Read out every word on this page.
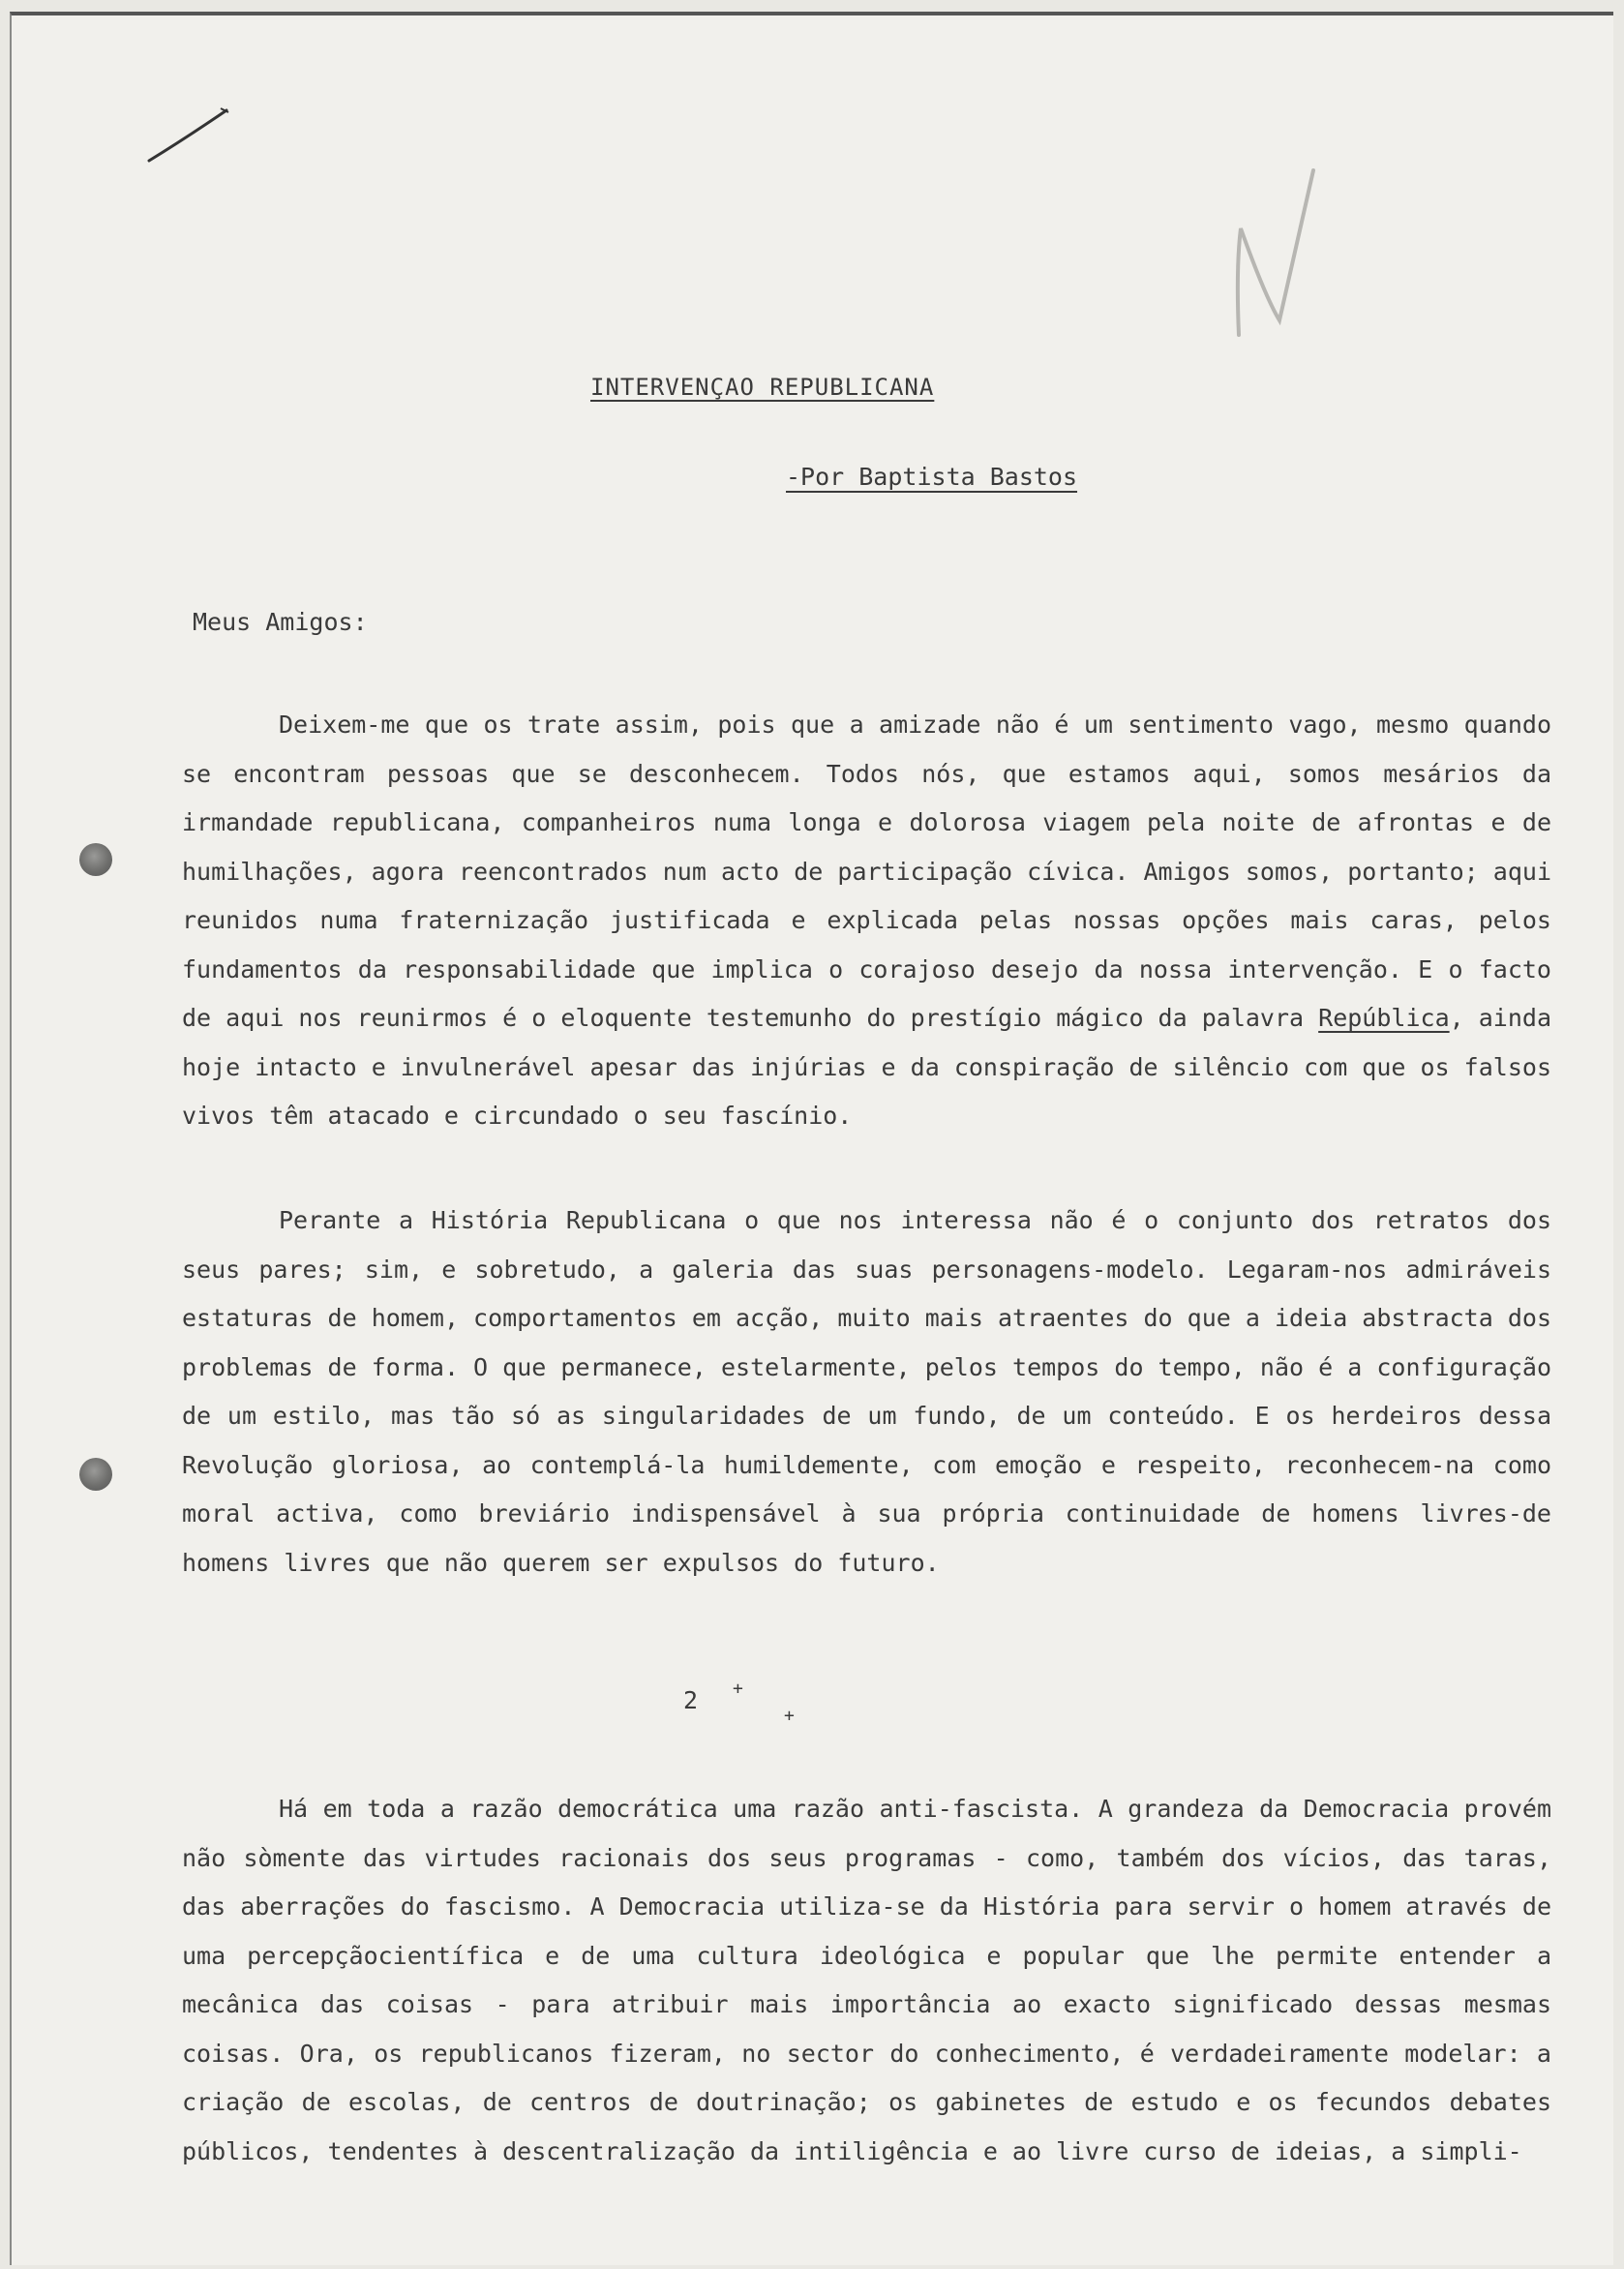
INTERVENÇAO REPUBLICANA
-Por Baptista Bastos
Meus Amigos:

Deixem-me que os trate assim, pois que a amizade não é um sentimento vago, mesmo quando se encontram pessoas que se desconhecem. Todos nós, que estamos aqui, somos mesários da irmandade republicana, companheiros numa longa e dolorosa viagem pela noite de afrontas e de humilhações, agora reencontrados num acto de participação cívica. Amigos somos, portanto; aqui reunidos numa fraternização justificada e explicada pelas nossas opções mais caras, pelos fundamentos da responsabilidade que implica o corajoso desejo da nossa intervenção. E o facto de aqui nos reunirmos é o eloquente testemunho do prestígio mágico da palavra República, ainda hoje intacto e invulnerável apesar das injúrias e da conspiração de silêncio com que os falsos vivos têm atacado e circundado o seu fascínio.

Perante a História Republicana o que nos interessa não é o conjunto dos retratos dos seus pares; sim, e sobretudo, a galeria das suas personagens-modelo. Legaram-nos admiráveis estaturas de homem, comportamentos em acção, muito mais atraentes do que a ideia abstracta dos problemas de forma. O que permanece, estelarmente, pelos tempos do tempo, não é a configuração de um estilo, mas tão só as singularidades de um fundo, de um conteúdo. E os herdeiros dessa Revolução gloriosa, ao contemplá-la humildemente, com emoção e respeito, reconhecem-na como moral activa, como breviário indispensável à sua própria continuidade de homens livres-de homens livres que não querem ser expulsos do futuro.

2 +
+

Há em toda a razão democrática uma razão anti-fascista. A grandeza da Democracia provém não sòmente das virtudes racionais dos seus programas - como, também dos vícios, das taras, das aberrações do fascismo. A Democracia utiliza-se da História para servir o homem através de uma percepçãocientífica e de uma cultura ideológica e popular que lhe permite entender a mecânica das coisas - para atribuir mais importância ao exacto significado dessas mesmas coisas. Ora, os republicanos fizeram, no sector do conhecimento, é verdadeiramente modelar: a criação de escolas, de centros de doutrinação; os gabinetes de estudo e os fecundos debates públicos, tendentes à descentralização da intiligência e ao livre curso de ideias, a simpli-
